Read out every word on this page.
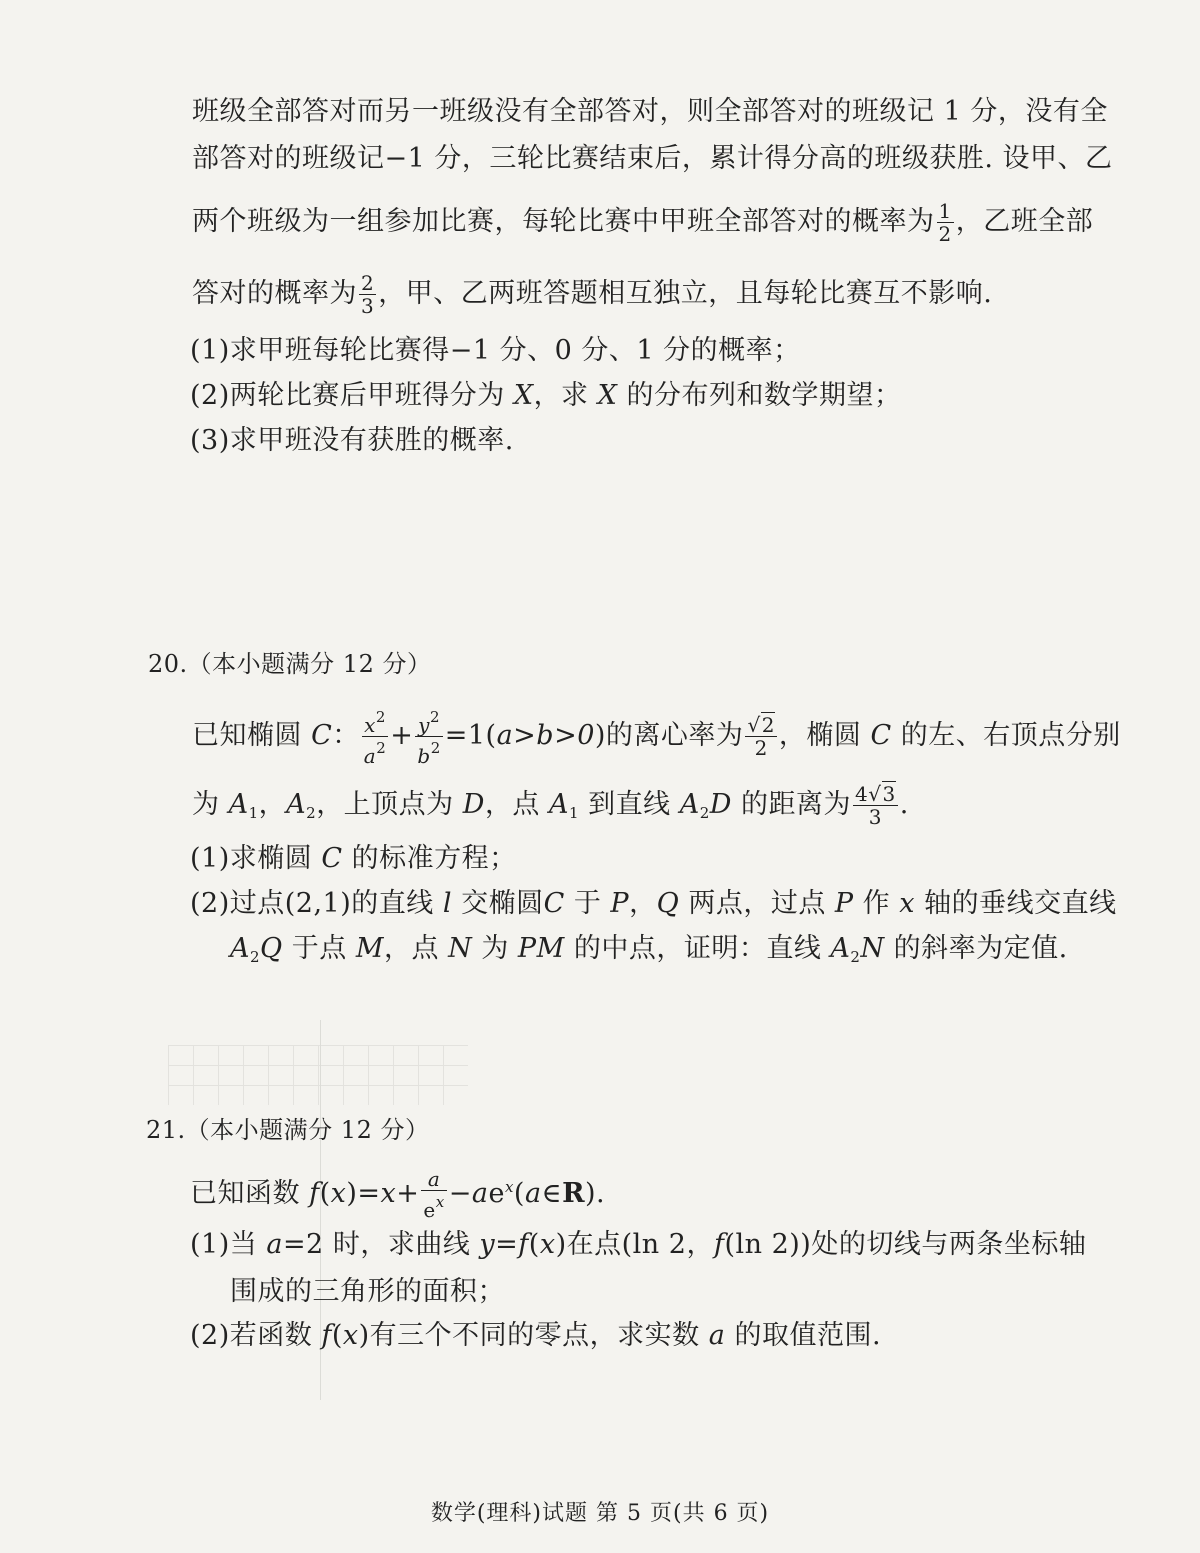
班级全部答对而另一班级没有全部答对，则全部答对的班级记 1 分，没有全
部答对的班级记−1 分，三轮比赛结束后，累计得分高的班级获胜. 设甲、乙
两个班级为一组参加比赛，每轮比赛中甲班全部答对的概率为 $\frac{1}{2}$ ，乙班全部
答对的概率为 $\frac{2}{3}$ ，甲、乙两班答题相互独立，且每轮比赛互不影响.
(1)求甲班每轮比赛得−1 分、0 分、1 分的概率；
(2)两轮比赛后甲班得分为 X，求 X 的分布列和数学期望；
(3)求甲班没有获胜的概率.
20.（本小题满分 12 分）
已知椭圆 C： $\frac{x^2}{a^2} + \frac{y^2}{b^2} =1(a>b>0)$的离心率为 $\frac{√2}{2}$ ，椭圆 C 的左、右顶点分别
为 $A_1$，$A_2$，上顶点为 D，点 $A_1$ 到直线 $A_2D$ 的距离为 $\frac{4√3}{3}$ .
(1)求椭圆 C 的标准方程；
(2)过点(2,1)的直线 l 交椭圆C 于 P，Q 两点，过点 P 作 x 轴的垂线交直线
$A_2Q$ 于点 M，点 N 为 PM 的中点，证明：直线 $A_2N$ 的斜率为定值.
21.（本小题满分 12 分）
已知函数 $f(x)=x+ \frac{a}{e^x}$ $-ae^x(a\in R)$.
(1)当 a=2 时，求曲线 y=f(x)在点(ln 2，f(ln 2))处的切线与两条坐标轴
围成的三角形的面积；
(2)若函数 f(x)有三个不同的零点，求实数 a 的取值范围.
数学(理科)试题 第 5 页(共 6 页)
